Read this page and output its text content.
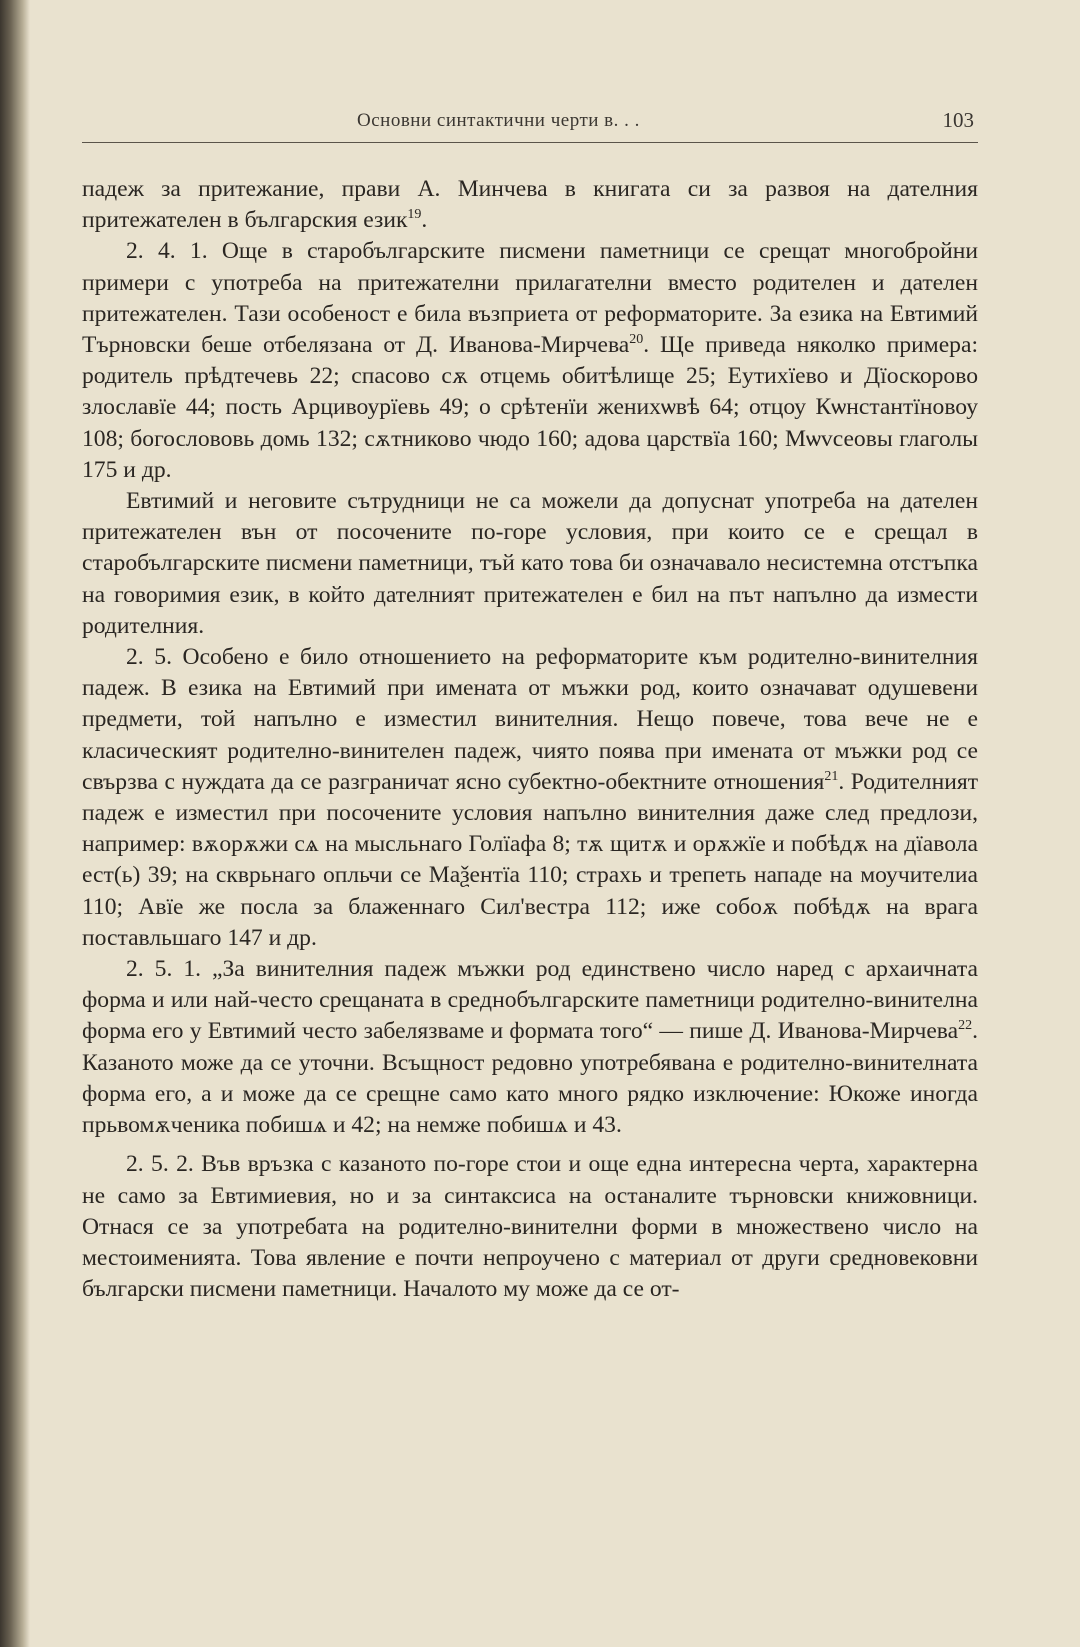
Основни синтактични черти в. . .	103

падеж за притежание, прави А. Минчева в книгата си за развоя на дателния притежателен в българския език$^{19}$.

2. 4. 1. Още в старобългарските писмени паметници се срещат многобройни примери с употреба на притежателни прилагателни вместо родителен и дателен притежателен. Тази особеност е била възприета от реформаторите. За езика на Евтимий Търновски беше отбелязана от Д. Иванова-Мирчева$^{20}$. Ще приведа няколко примера: родитель прѣдтечевь 22; спасово сѫ отцемь обитѣлище 25; Еутихїево и Дїоскорово злославїе 44; пость Арцивоурїевь 49; о срѣтенїи женихѡвѣ 64; отцоу Кѡнстантїновоу 108; богослововь домь 132; сѫтниково чюдо 160; адова царствїа 160; Мѡvсеовы глаголы 175 и др.

Евтимий и неговите сътрудници не са можели да допуснат употреба на дателен притежателен вън от посочените по-горе условия, при които се е срещал в старобългарските писмени паметници, тъй като това би означавало несистемна отстъпка на говоримия език, в който дателният притежателен е бил на път напълно да измести родителния.

2. 5. Особено е било отношението на реформаторите към родително-винителния падеж. В езика на Евтимий при имената от мъжки род, които означават одушевени предмети, той напълно е изместил винителния. Нещо повече, това вече не е класическият родително-винителен падеж, чиято поява при имената от мъжки род се свързва с нуждата да се разграничат ясно субектно-обектните отношения$^{21}$. Родителният падеж е изместил при посочените условия напълно винителния даже след предлози, например: вѫорѫжи сѧ на мысльнаго Голїафа 8; тѫ щитѫ и орѫжїе и побѣдѫ на дїавола ест(ь) 39; на скврьнаго опльчи се Маѯентїа 110; страхь и трепеть нападе на моучителиа 110; Авїе же посла за блаженнаго Сил'вестра 112; иже собоѫ побѣдѫ на врага поставльшаго 147 и др.

2. 5. 1. „За винителния падеж мъжки род единствено число наред с архаичната форма и или най-често срещаната в среднобългарските паметници родително-винителна форма его у Евтимий често забелязваме и формата того“ — пише Д. Иванова-Мирчева$^{22}$. Казаното може да се уточни. Всъщност редовно употребявана е родително-винителната форма его, а и може да се срещне само като много рядко изключение: Юкоже иногда прьвомѫченика побишѧ и 42; на немже побишѧ и 43.

2. 5. 2. Във връзка с казаното по-горе стои и още една интересна черта, характерна не само за Евтимиевия, но и за синтаксиса на останалите търновски книжовници. Отнася се за употребата на родително-винителни форми в множествено число на местоименията. Това явление е почти непроучено с материал от други средновековни български писмени паметници. Началото му може да се от-
